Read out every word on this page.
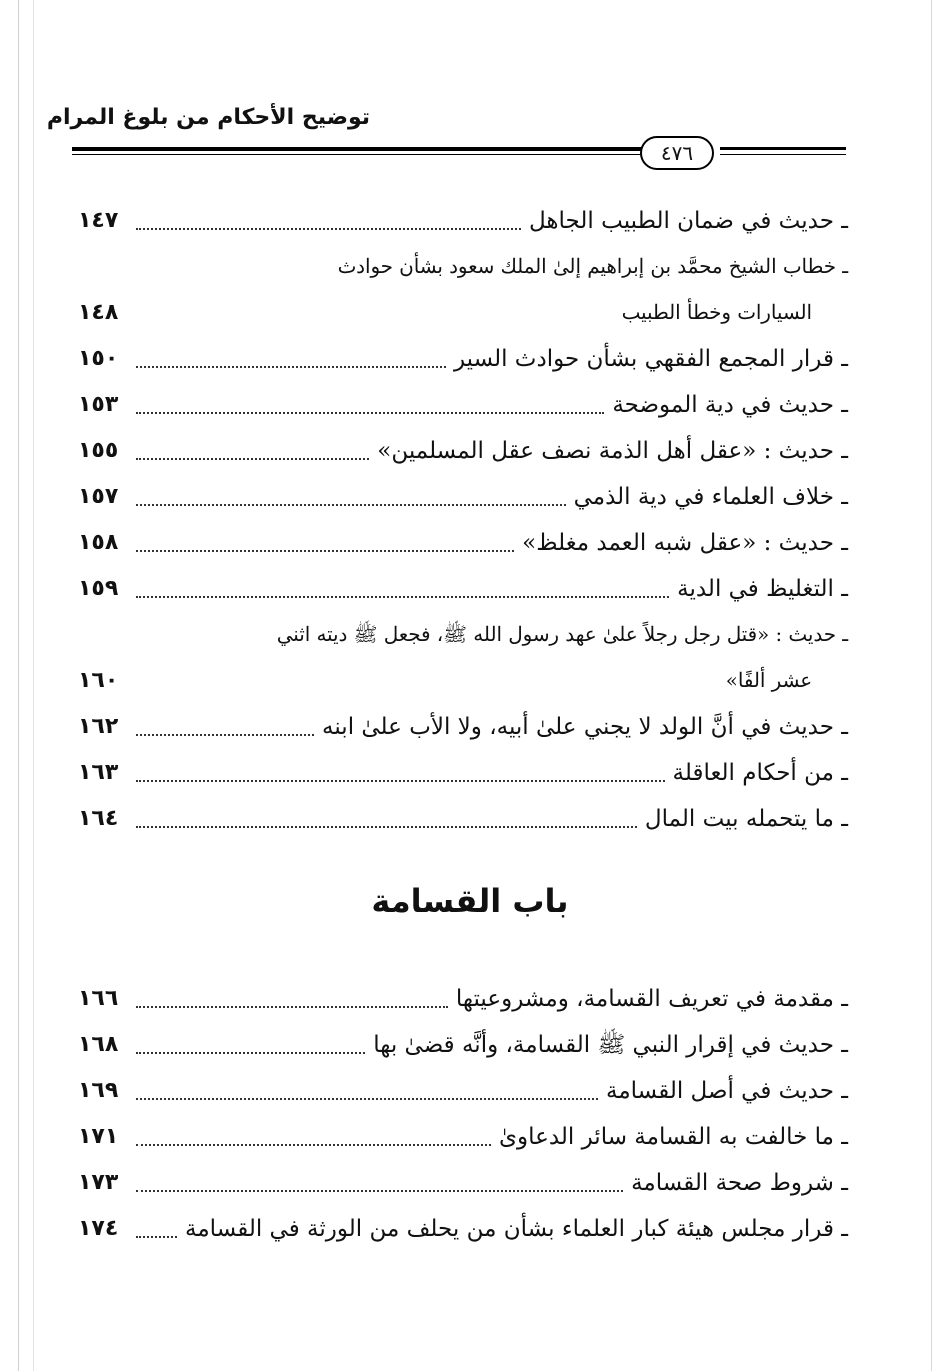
توضيح الأحكام من بلوغ المرام
٤٧٦
ـ حديث في ضمان الطبيب الجاهل
١٤٧
ـ خطاب الشيخ محمَّد بن إبراهيم إلىٰ الملك سعود بشأن حوادث
السيارات وخطأ الطبيب
١٤٨
ـ قرار المجمع الفقهي بشأن حوادث السير
١٥٠
ـ حديث في دية الموضحة
١٥٣
ـ حديث : «عقل أهل الذمة نصف عقل المسلمين»
١٥٥
ـ خلاف العلماء في دية الذمي
١٥٧
ـ حديث : «عقل شبه العمد مغلظ»
١٥٨
ـ التغليظ في الدية
١٥٩
ـ حديث : «قتل رجل رجلاً علىٰ عهد رسول الله ﷺ، فجعل ﷺ ديته اثني
عشر ألفًا»
١٦٠
ـ حديث في أنَّ الولد لا يجني علىٰ أبيه، ولا الأب علىٰ ابنه
١٦٢
ـ من أحكام العاقلة
١٦٣
ـ ما يتحمله بيت المال
١٦٤
باب القسامة
ـ مقدمة في تعريف القسامة، ومشروعيتها
١٦٦
ـ حديث في إقرار النبي ﷺ القسامة، وأنَّه قضىٰ بها
١٦٨
ـ حديث في أصل القسامة
١٦٩
ـ ما خالفت به القسامة سائر الدعاوىٰ
١٧١
ـ شروط صحة القسامة
١٧٣
ـ قرار مجلس هيئة كبار العلماء بشأن من يحلف من الورثة في القسامة
١٧٤
